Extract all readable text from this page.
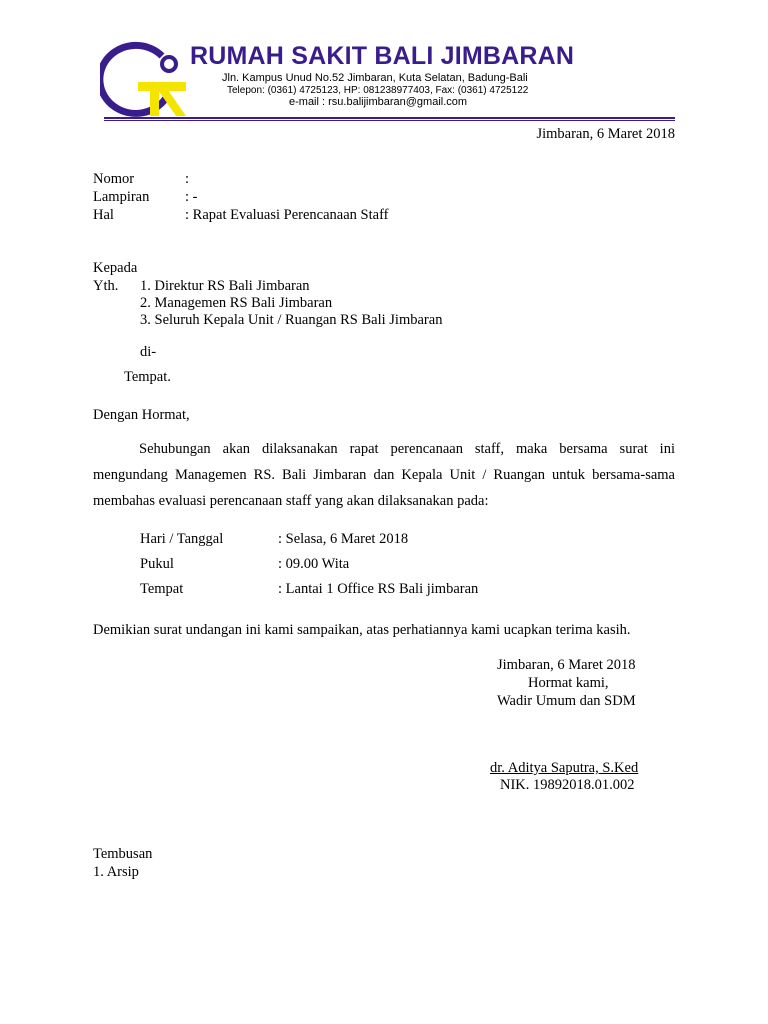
RUMAH SAKIT BALI JIMBARAN
Jln. Kampus Unud No.52 Jimbaran, Kuta Selatan, Badung-Bali
Telepon: (0361) 4725123, HP: 081238977403, Fax: (0361) 4725122
e-mail : rsu.balijimbaran@gmail.com
Jimbaran, 6 Maret 2018
Nomor	:
Lampiran : -
Hal	: Rapat Evaluasi Perencanaan Staff
Kepada
Yth. 1. Direktur RS Bali Jimbaran
2. Managemen RS Bali Jimbaran
3. Seluruh Kepala Unit / Ruangan RS Bali Jimbaran
di-
Tempat.
Dengan Hormat,
Sehubungan akan dilaksanakan rapat perencanaan staff, maka bersama surat ini mengundang Managemen RS. Bali Jimbaran dan Kepala Unit / Ruangan untuk bersama-sama membahas evaluasi perencanaan staff yang akan dilaksanakan pada:
Hari / Tanggal	: Selasa, 6 Maret 2018
Pukul	: 09.00 Wita
Tempat	: Lantai 1 Office RS Bali jimbaran
Demikian surat undangan ini kami sampaikan, atas perhatiannya kami ucapkan terima kasih.
Jimbaran, 6 Maret 2018
Hormat kami,
Wadir Umum dan SDM
dr. Aditya Saputra, S.Ked
NIK. 19892018.01.002
Tembusan
1. Arsip
